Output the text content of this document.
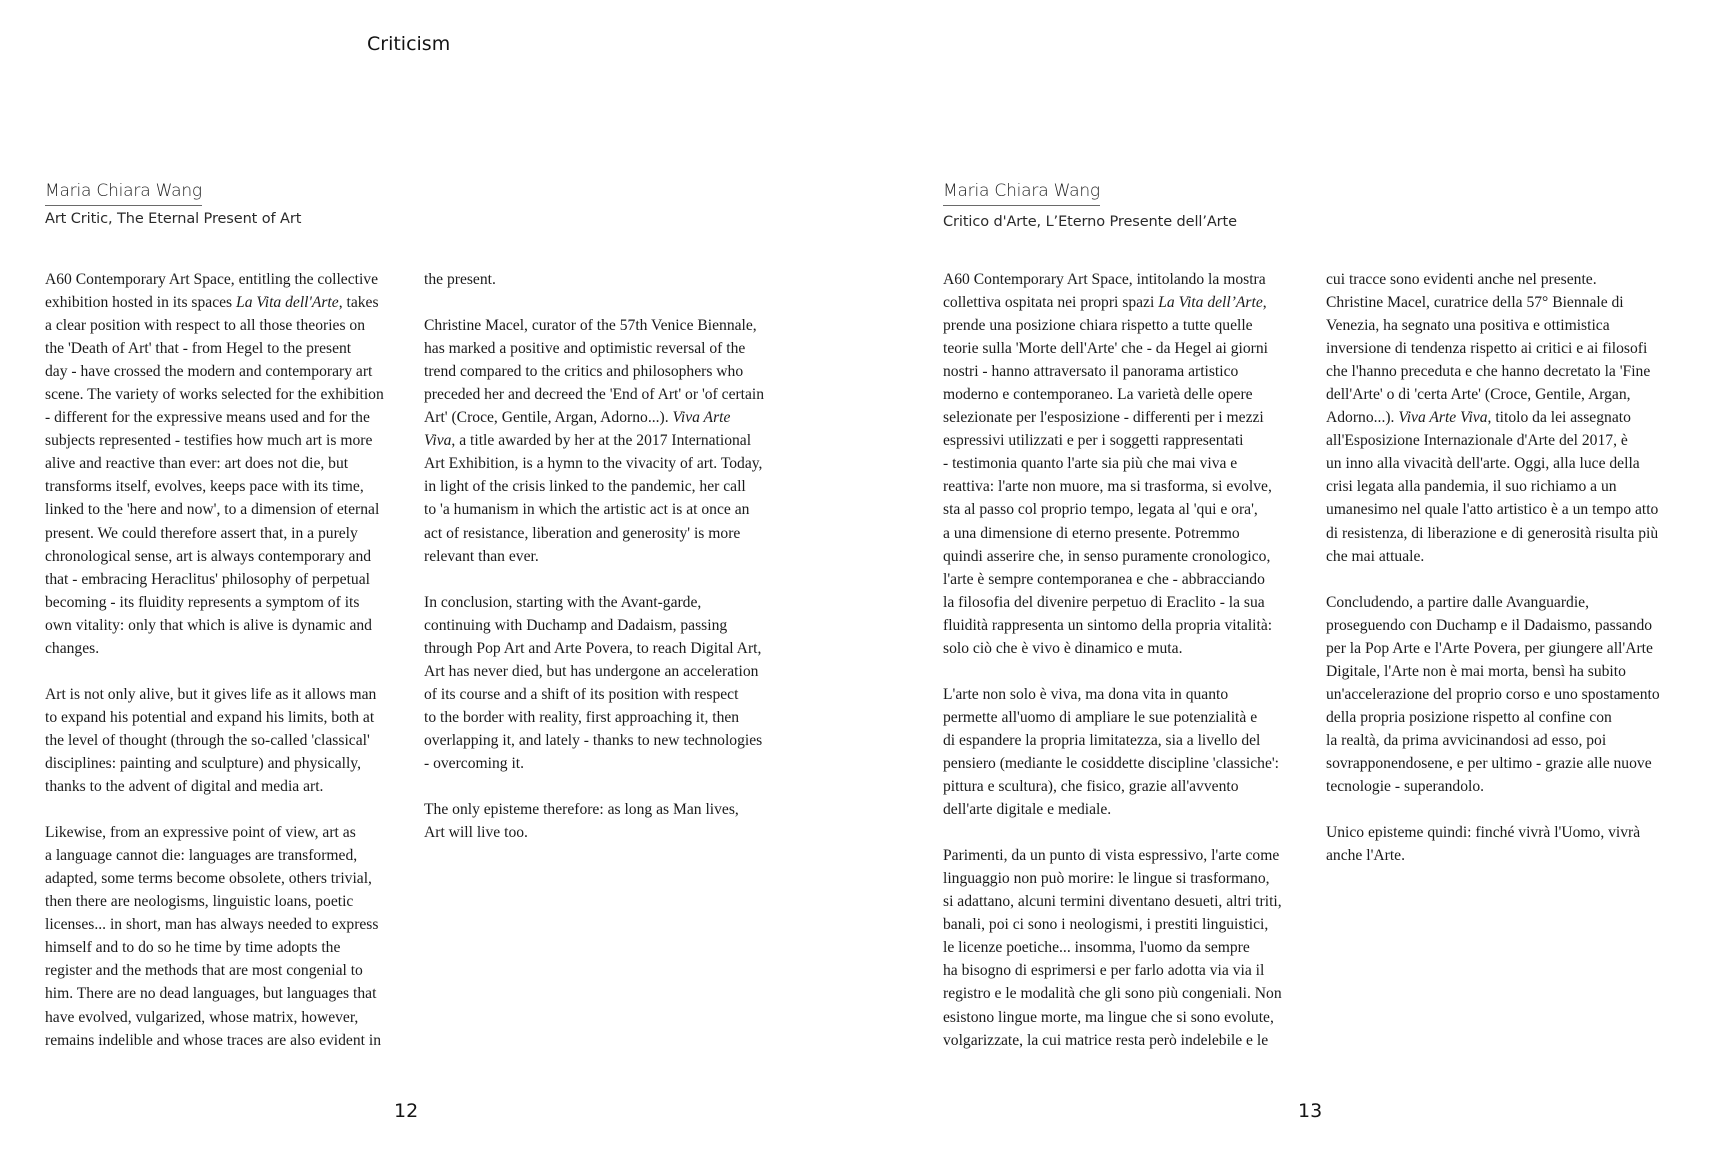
Criticism
Maria Chiara Wang
Art Critic, The Eternal Present of Art
A60 Contemporary Art Space, entitling the collective
exhibition hosted in its spaces La Vita dell'Arte, takes
a clear position with respect to all those theories on
the 'Death of Art' that - from Hegel to the present
day - have crossed the modern and contemporary art
scene. The variety of works selected for the exhibition
- different for the expressive means used and for the
subjects represented - testifies how much art is more
alive and reactive than ever: art does not die, but
transforms itself, evolves, keeps pace with its time,
linked to the 'here and now', to a dimension of eternal
present. We could therefore assert that, in a purely
chronological sense, art is always contemporary and
that - embracing Heraclitus' philosophy of perpetual
becoming - its fluidity represents a symptom of its
own vitality: only that which is alive is dynamic and
changes.

Art is not only alive, but it gives life as it allows man
to expand his potential and expand his limits, both at
the level of thought (through the so-called 'classical'
disciplines: painting and sculpture) and physically,
thanks to the advent of digital and media art.

Likewise, from an expressive point of view, art as
a language cannot die: languages are transformed,
adapted, some terms become obsolete, others trivial,
then there are neologisms, linguistic loans, poetic
licenses... in short, man has always needed to express
himself and to do so he time by time adopts the
register and the methods that are most congenial to
him. There are no dead languages, but languages that
have evolved, vulgarized, whose matrix, however,
remains indelible and whose traces are also evident in
the present.

Christine Macel, curator of the 57th Venice Biennale,
has marked a positive and optimistic reversal of the
trend compared to the critics and philosophers who
preceded her and decreed the 'End of Art' or 'of certain
Art' (Croce, Gentile, Argan, Adorno...). Viva Arte
Viva, a title awarded by her at the 2017 International
Art Exhibition, is a hymn to the vivacity of art. Today,
in light of the crisis linked to the pandemic, her call
to 'a humanism in which the artistic act is at once an
act of resistance, liberation and generosity' is more
relevant than ever.

In conclusion, starting with the Avant-garde,
continuing with Duchamp and Dadaism, passing
through Pop Art and Arte Povera, to reach Digital Art,
Art has never died, but has undergone an acceleration
of its course and a shift of its position with respect
to the border with reality, first approaching it, then
overlapping it, and lately - thanks to new technologies
- overcoming it.

The only episteme therefore: as long as Man lives,
Art will live too.
12
Maria Chiara Wang
Critico d'Arte, L’Eterno Presente dell’Arte
A60 Contemporary Art Space, intitolando la mostra
collettiva ospitata nei propri spazi La Vita dell’Arte,
prende una posizione chiara rispetto a tutte quelle
teorie sulla 'Morte dell'Arte' che - da Hegel ai giorni
nostri - hanno attraversato il panorama artistico
moderno e contemporaneo. La varietà delle opere
selezionate per l'esposizione - differenti per i mezzi
espressivi utilizzati e per i soggetti rappresentati
- testimonia quanto l'arte sia più che mai viva e
reattiva: l'arte non muore, ma si trasforma, si evolve,
sta al passo col proprio tempo, legata al 'qui e ora',
a una dimensione di eterno presente. Potremmo
quindi asserire che, in senso puramente cronologico,
l'arte è sempre contemporanea e che - abbracciando
la filosofia del divenire perpetuo di Eraclito - la sua
fluidità rappresenta un sintomo della propria vitalità:
solo ciò che è vivo è dinamico e muta.

L'arte non solo è viva, ma dona vita in quanto
permette all'uomo di ampliare le sue potenzialità e
di espandere la propria limitatezza, sia a livello del
pensiero (mediante le cosiddette discipline 'classiche':
pittura e scultura), che fisico, grazie all'avvento
dell'arte digitale e mediale.

Parimenti, da un punto di vista espressivo, l'arte come
linguaggio non può morire: le lingue si trasformano,
si adattano, alcuni termini diventano desueti, altri triti,
banali, poi ci sono i neologismi, i prestiti linguistici,
le licenze poetiche... insomma, l'uomo da sempre
ha bisogno di esprimersi e per farlo adotta via via il
registro e le modalità che gli sono più congeniali. Non
esistono lingue morte, ma lingue che si sono evolute,
volgarizzate, la cui matrice resta però indelebile e le
cui tracce sono evidenti anche nel presente.
Christine Macel, curatrice della 57° Biennale di
Venezia, ha segnato una positiva e ottimistica
inversione di tendenza rispetto ai critici e ai filosofi
che l'hanno preceduta e che hanno decretato la 'Fine
dell'Arte' o di 'certa Arte' (Croce, Gentile, Argan,
Adorno...). Viva Arte Viva, titolo da lei assegnato
all'Esposizione Internazionale d'Arte del 2017, è
un inno alla vivacità dell'arte. Oggi, alla luce della
crisi legata alla pandemia, il suo richiamo a un
umanesimo nel quale l'atto artistico è a un tempo atto
di resistenza, di liberazione e di generosità risulta più
che mai attuale.

Concludendo, a partire dalle Avanguardie,
proseguendo con Duchamp e il Dadaismo, passando
per la Pop Arte e l'Arte Povera, per giungere all'Arte
Digitale, l'Arte non è mai morta, bensì ha subito
un'accelerazione del proprio corso e uno spostamento
della propria posizione rispetto al confine con
la realtà, da prima avvicinandosi ad esso, poi
sovrapponendosene, e per ultimo - grazie alle nuove
tecnologie - superandolo.

Unico episteme quindi: finché vivrà l'Uomo, vivrà
anche l'Arte.
13
